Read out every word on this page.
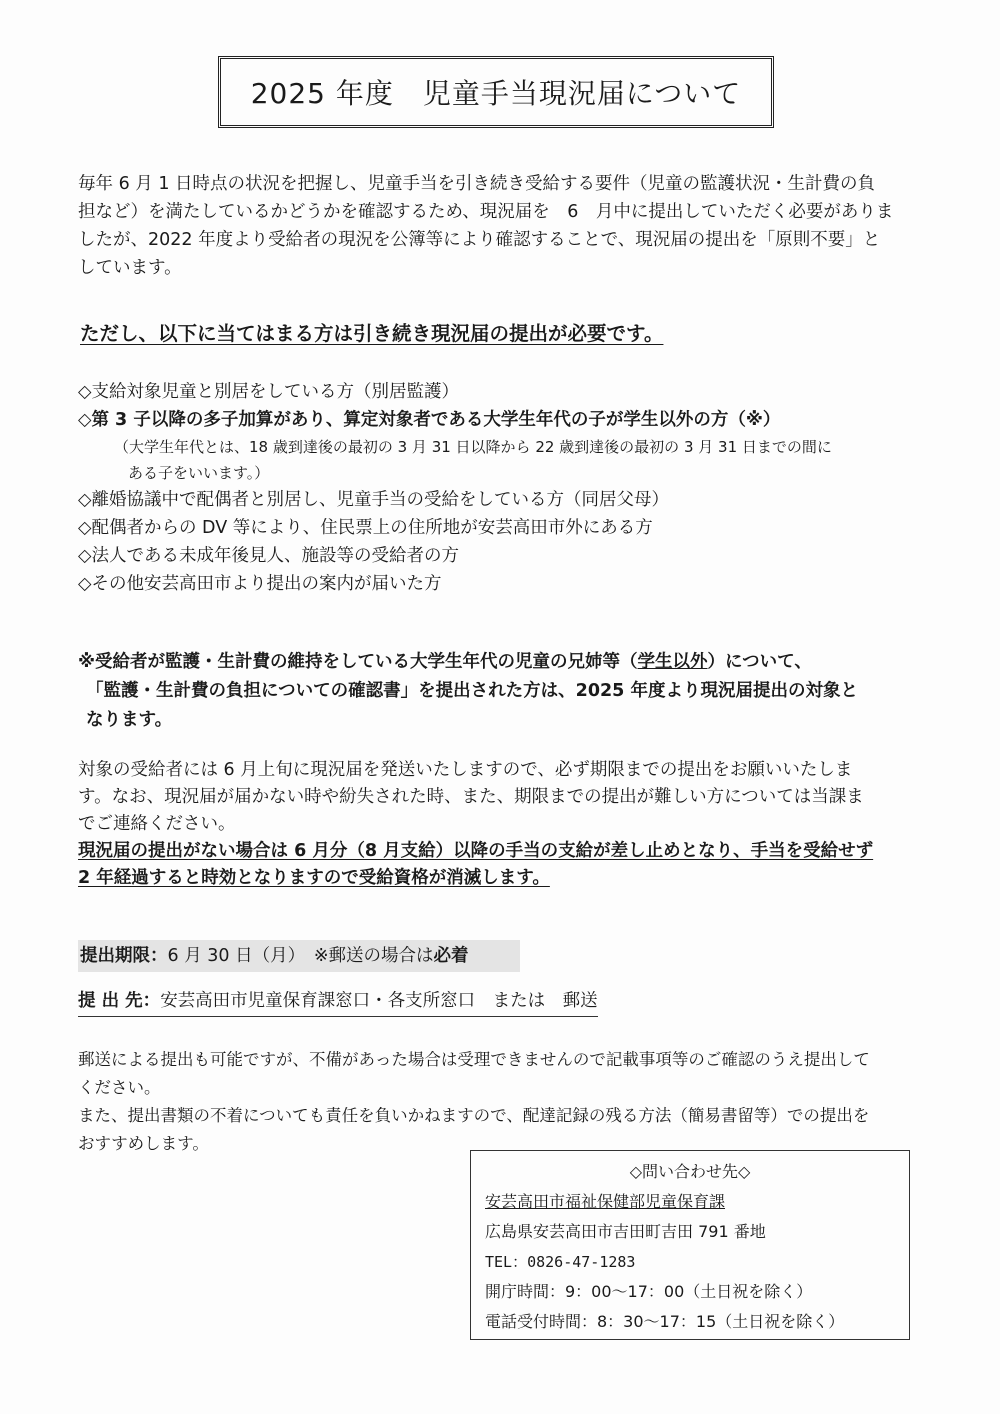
2025 年度　児童手当現況届について
毎年 6 月 1 日時点の状況を把握し、児童手当を引き続き受給する要件（児童の監護状況・生計費の負
担など）を満たしているかどうかを確認するため、現況届を　6　月中に提出していただく必要がありま
したが、2022 年度より受給者の現況を公簿等により確認することで、現況届の提出を「原則不要」と
しています。
ただし、以下に当てはまる方は引き続き現況届の提出が必要です。
◇支給対象児童と別居をしている方（別居監護）
◇第 3 子以降の多子加算があり、算定対象者である大学生年代の子が学生以外の方（※）
（大学生年代とは、18 歳到達後の最初の 3 月 31 日以降から 22 歳到達後の最初の 3 月 31 日までの間に
ある子をいいます。）
◇離婚協議中で配偶者と別居し、児童手当の受給をしている方（同居父母）
◇配偶者からの DV 等により、住民票上の住所地が安芸高田市外にある方
◇法人である未成年後見人、施設等の受給者の方
◇その他安芸高田市より提出の案内が届いた方
※受給者が監護・生計費の維持をしている大学生年代の児童の兄姉等（学生以外）について、
「監護・生計費の負担についての確認書」を提出された方は、2025 年度より現況届提出の対象と
なります。
対象の受給者には 6 月上旬に現況届を発送いたしますので、必ず期限までの提出をお願いいたしま
す。なお、現況届が届かない時や紛失された時、また、期限までの提出が難しい方については当課ま
でご連絡ください。
現況届の提出がない場合は 6 月分（8 月支給）以降の手当の支給が差し止めとなり、手当を受給せず
2 年経過すると時効となりますので受給資格が消滅します。
提出期限：6 月 30 日（月）　※郵送の場合は必着
提 出 先：安芸高田市児童保育課窓口・各支所窓口　または　郵送
郵送による提出も可能ですが、不備があった場合は受理できませんので記載事項等のご確認のうえ提出して
ください。
また、提出書類の不着についても責任を負いかねますので、配達記録の残る方法（簡易書留等）での提出を
おすすめします。
◇問い合わせ先◇
安芸高田市福祉保健部児童保育課
広島県安芸高田市吉田町吉田 791 番地
TEL：0826-47-1283
開庁時間：9：00～17：00（土日祝を除く）
電話受付時間：8：30～17：15（土日祝を除く）
